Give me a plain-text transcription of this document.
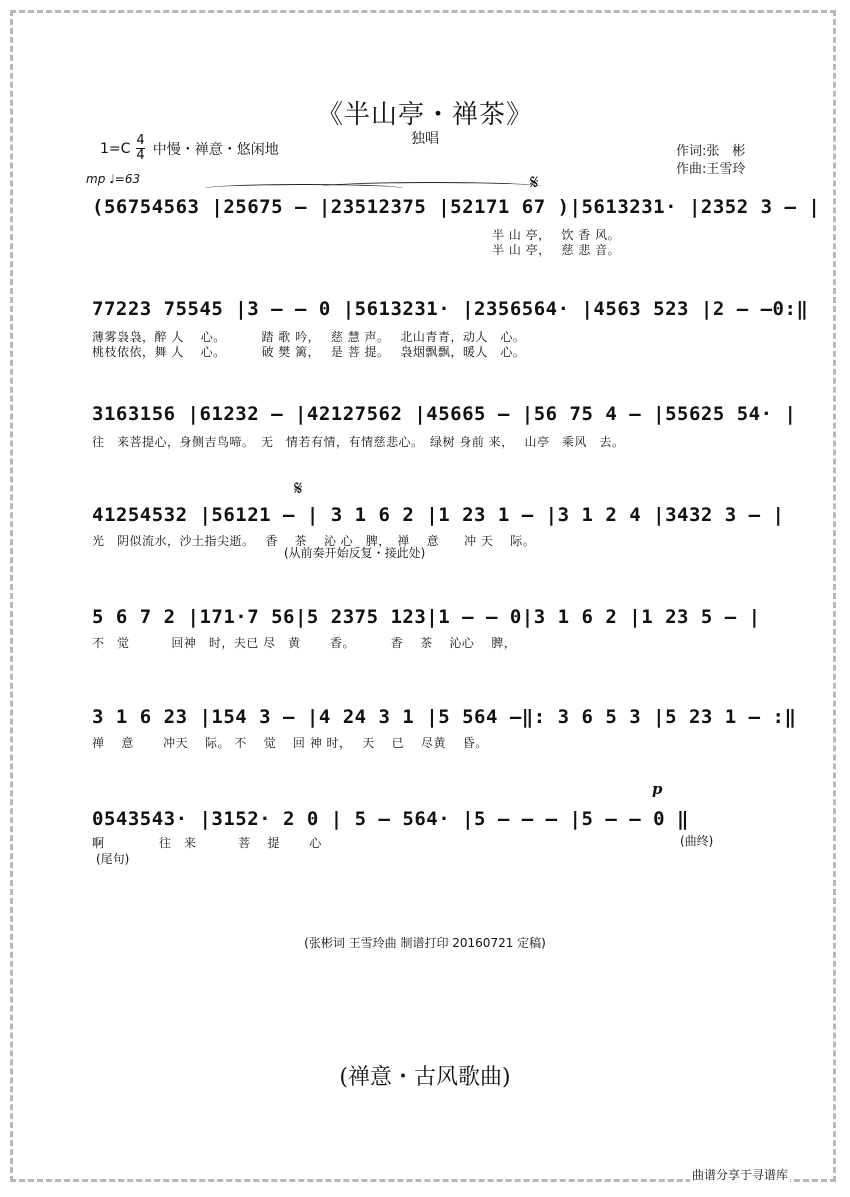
《半山亭・禅茶》
独唱
$1=C \frac{4}{4}$ 中慢・禅意・悠闲地	作词:张　彬
作曲:王雪玲
mp ♩=63	𝄋
𝄋
(56754563 |25675 – |23512375 |52171 67 )|5613231· |2352 3 – |
　　　　　　　　　　　　　　　　　　　　　　　　　　　　　　　　半 山 亭，　 饮 香 风。
　　　　　　　　　　　　　　　　　　　　　　　　　　　　　　　　半 山 亭，　 慈 悲 音。
77223 75545 |3 – – 0 |5613231· |2356564· |4563 523 |2 – –0:‖
薄雾袅袅，醉 人　 心。　　　 踏 歌 吟，　 慈 慧 声。　 北山青青，动人　心。
桃枝依依，舞 人　 心。　　　 破 樊 篱，　 是 菩 提。　 袅烟飘飘，暖人　心。
3163156 |61232 – |42127562 |45665 – |56 75 4 – |55625 54· |
往　来菩提心，身侧吉鸟啼。　无　情若有情，有情慈悲心。　绿树 身前 来，　 山亭　乘风　去。
41254532 |56121 – | 3 1 6 2 |1 23 1 – |3 1 2 4 |3432 3 – |
光　阴似流水，沙土指尖逝。　 香　 茶　 沁 心　脾，　禅　 意　　冲 天　 际。
(从前奏开始反复・接此处)
5 6 7 2 |171·7 56|5 2375 123|1 – – 0|3 1 6 2 |1 23 5 – |
不　觉　　　 回神　时，夫已 尽　黄　　 香。　　　 香　 茶　 沁心　 脾，
3 1 6 23 |154 3 – |4 24 3 1 |5 564 –‖: 3 6 5 3 |5 23 1 – :‖
禅　 意　　 冲天　 际。 不　 觉　 回 神 时，　 天　 已　 尽黄　 昏。
0543543· |3152· 2 0 | 5 – 564· |5 – – – |5 – – 0 ‖
啊　　　　 往　来　　　 菩　 提　　 心
p
(曲终)
(尾句)
(张彬词 王雪玲曲 制谱打印 20160721 定稿)
(禅意・古风歌曲)
曲谱分享于寻谱库
